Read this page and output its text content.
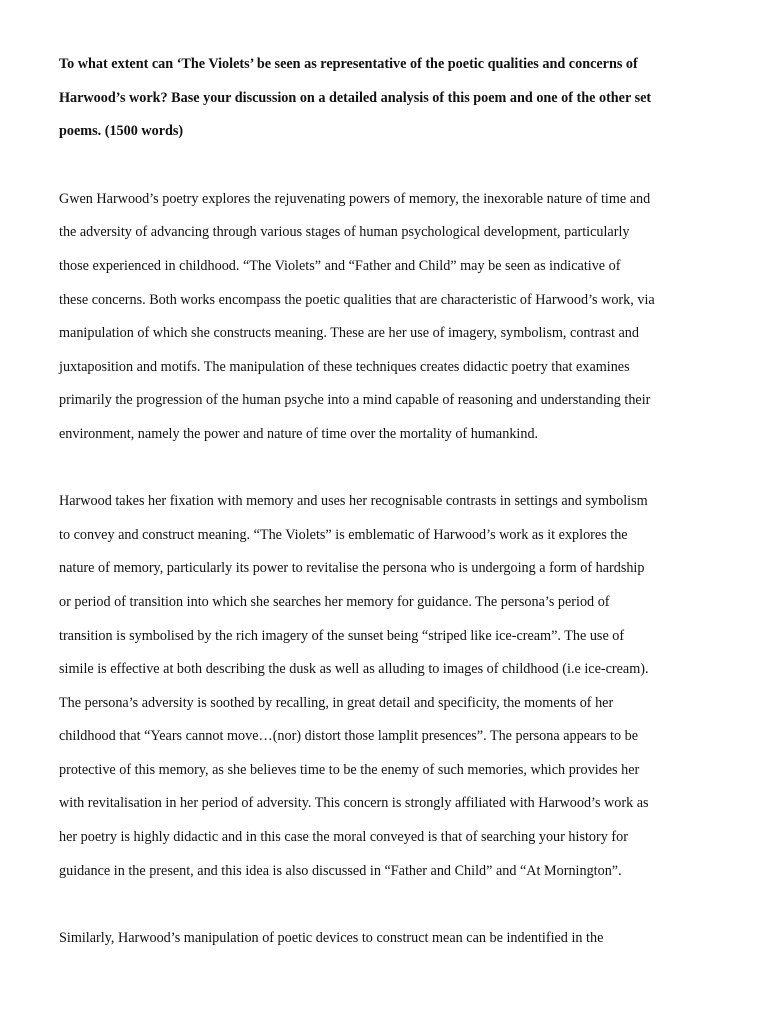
To what extent can ‘The Violets’ be seen as representative of the poetic qualities and concerns of
Harwood’s work? Base your discussion on a detailed analysis of this poem and one of the other set
poems. (1500 words)
Gwen Harwood’s poetry explores the rejuvenating powers of memory, the inexorable nature of time and
the adversity of advancing through various stages of human psychological development, particularly
those experienced in childhood. “The Violets” and “Father and Child” may be seen as indicative of
these concerns. Both works encompass the poetic qualities that are characteristic of Harwood’s work, via
manipulation of which she constructs meaning. These are her use of imagery, symbolism, contrast and
juxtaposition and motifs. The manipulation of these techniques creates didactic poetry that examines
primarily the progression of the human psyche into a mind capable of reasoning and understanding their
environment, namely the power and nature of time over the mortality of humankind.
Harwood takes her fixation with memory and uses her recognisable contrasts in settings and symbolism
to convey and construct meaning. “The Violets” is emblematic of Harwood’s work as it explores the
nature of memory, particularly its power to revitalise the persona who is undergoing a form of hardship
or period of transition into which she searches her memory for guidance. The persona’s period of
transition is symbolised by the rich imagery of the sunset being “striped like ice-cream”. The use of
simile is effective at both describing the dusk as well as alluding to images of childhood (i.e ice-cream).
The persona’s adversity is soothed by recalling, in great detail and specificity, the moments of her
childhood that “Years cannot move…(nor) distort those lamplit presences”. The persona appears to be
protective of this memory, as she believes time to be the enemy of such memories, which provides her
with revitalisation in her period of adversity. This concern is strongly affiliated with Harwood’s work as
her poetry is highly didactic and in this case the moral conveyed is that of searching your history for
guidance in the present, and this idea is also discussed in “Father and Child” and “At Mornington”.
Similarly, Harwood’s manipulation of poetic devices to construct mean can be indentified in the
